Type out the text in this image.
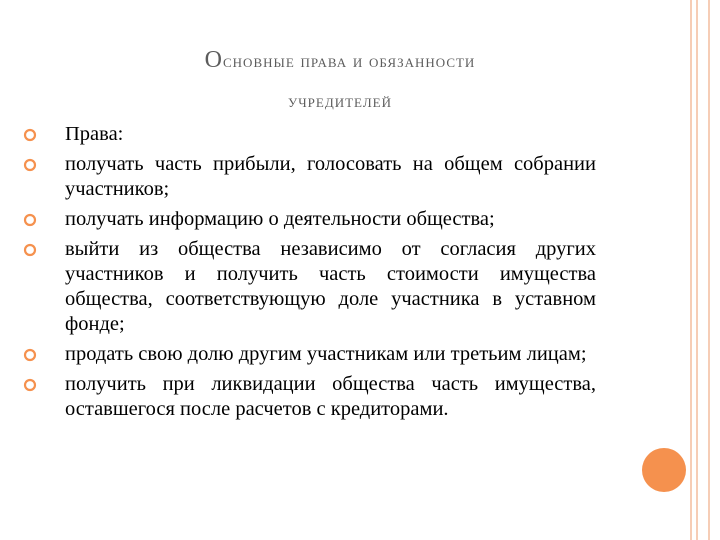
Основные права и обязанности
учредителей
Права:
получать часть прибыли, голосовать на общем собрании участников;
получать информацию о деятельности общества;
выйти из общества независимо от согласия других участников и получить часть стоимости имущества общества, соответствующую доле участника в уставном фонде;
продать свою долю другим участникам или третьим лицам;
получить при ликвидации общества часть имущества, оставшегося после расчетов с кредиторами.
